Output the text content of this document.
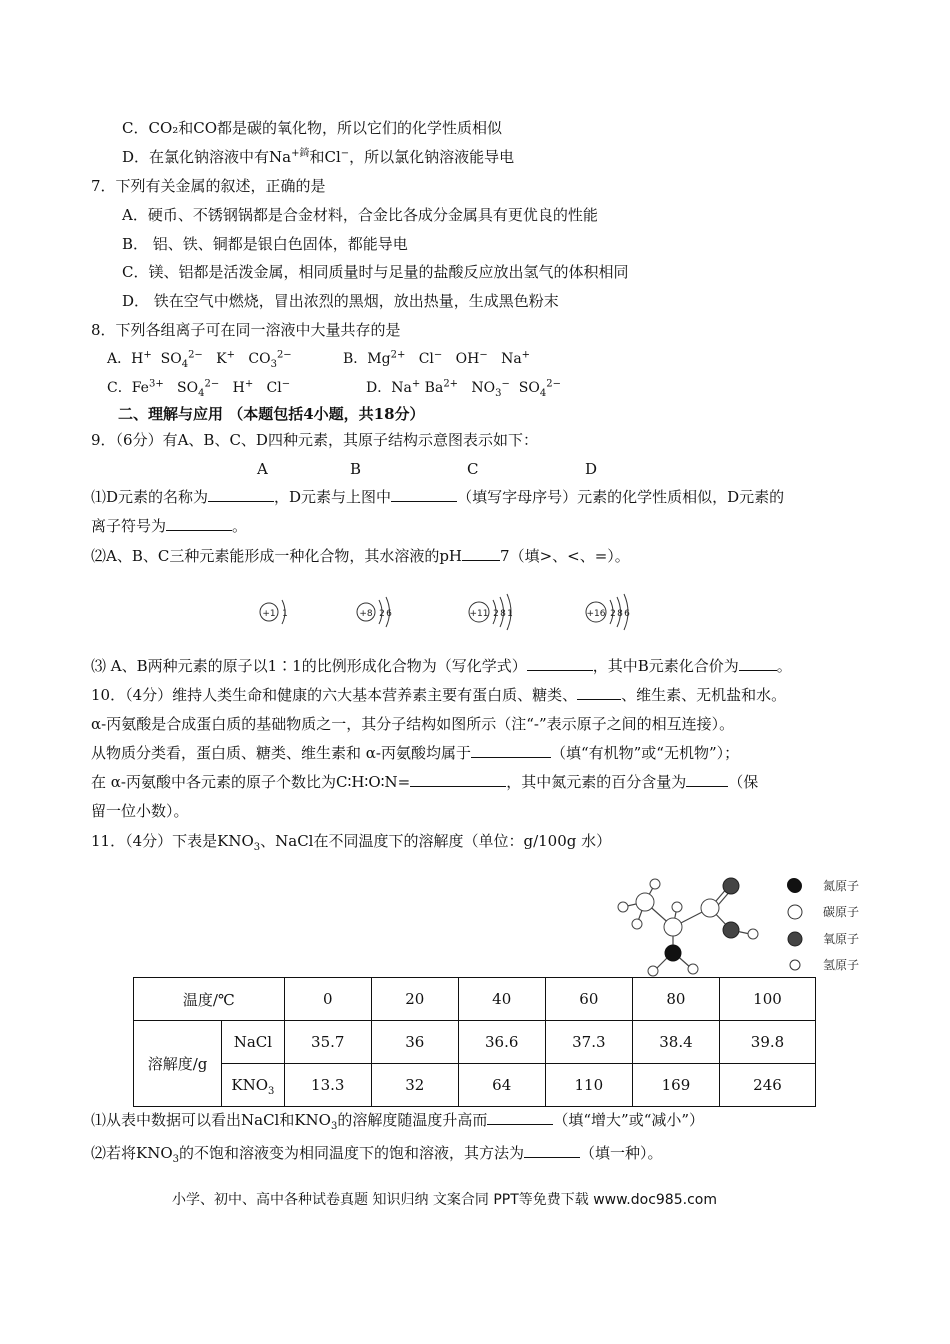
C．CO₂和CO都是碳的氧化物，所以它们的化学性质相似
D．在氯化钠溶液中有$Na^{+錡}$和Cl−，所以氯化钠溶液能导电
7．下列有关金属的叙述，正确的是
A．硬币、不锈钢锅都是合金材料，合金比各成分金属具有更优良的性能
B． 铝、铁、铜都是银白色固体，都能导电
C．镁、铝都是活泼金属，相同质量时与足量的盐酸反应放出氢气的体积相同
D． 铁在空气中燃烧，冒出浓烈的黑烟，放出热量，生成黑色粉末
8．下列各组离子可在同一溶液中大量共存的是
A．H+  $SO_4^{2-}$   K+   $CO_3^{2-}$	B．$Mg^{2+}$   Cl−   OH−   Na+
C．$Fe^{3+}$   $SO_4^{2-}$   H+   Cl−	D．Na+ $Ba^{2+}$   $NO_3^-$  $SO_4^{2-}$
二、理解与应用 （本题包括4小题，共18分）
9．（6分）有A、B、C、D四种元素，其原子结构示意图表示如下：
A	B	C	D
⑴D元素的名称为	，D元素与上图中	（填写字母序号）元素的化学性质相似，D元素的
离子符号为	。
⑵A、B、C三种元素能形成一种化合物，其水溶液的pH	7（填>、<、=）。
+1 1	+8 2 6	+11 2 8 1	+16 2 8 6
⑶ A、B两种元素的原子以1∶1的比例形成化合物为（写化学式）	，其中B元素化合价为	。
10．（4分）维持人类生命和健康的六大基本营养素主要有蛋白质、糖类、	、维生素、无机盐和水。
α-丙氨酸是合成蛋白质的基础物质之一，其分子结构如图所示（注“-”表示原子之间的相互连接）。
从物质分类看，蛋白质、糖类、维生素和 α-丙氨酸均属于	（填“有机物”或“无机物”）；
在 α-丙氨酸中各元素的原子个数比为C∶H∶O∶N=	，其中氮元素的百分含量为	（保
留一位小数）。
11．（4分）下表是$KNO_3$、NaCl在不同温度下的溶解度（单位：g/100g 水）
氮原子
碳原子
氧原子
氢原子
温度/℃		0	20	40	60	80	100
溶解度/g	NaCl	35.7	36	36.6	37.3	38.4	39.8
	$KNO_3$	13.3	32	64	110	169	246
⑴从表中数据可以看出NaCl和$KNO_3$的溶解度随温度升高而	（填“增大”或“减小”）
⑵若将$KNO_3$的不饱和溶液变为相同温度下的饱和溶液，其方法为	（填一种）。
小学、初中、高中各种试卷真题 知识归纳 文案合同 PPT等免费下载 www.doc985.com
